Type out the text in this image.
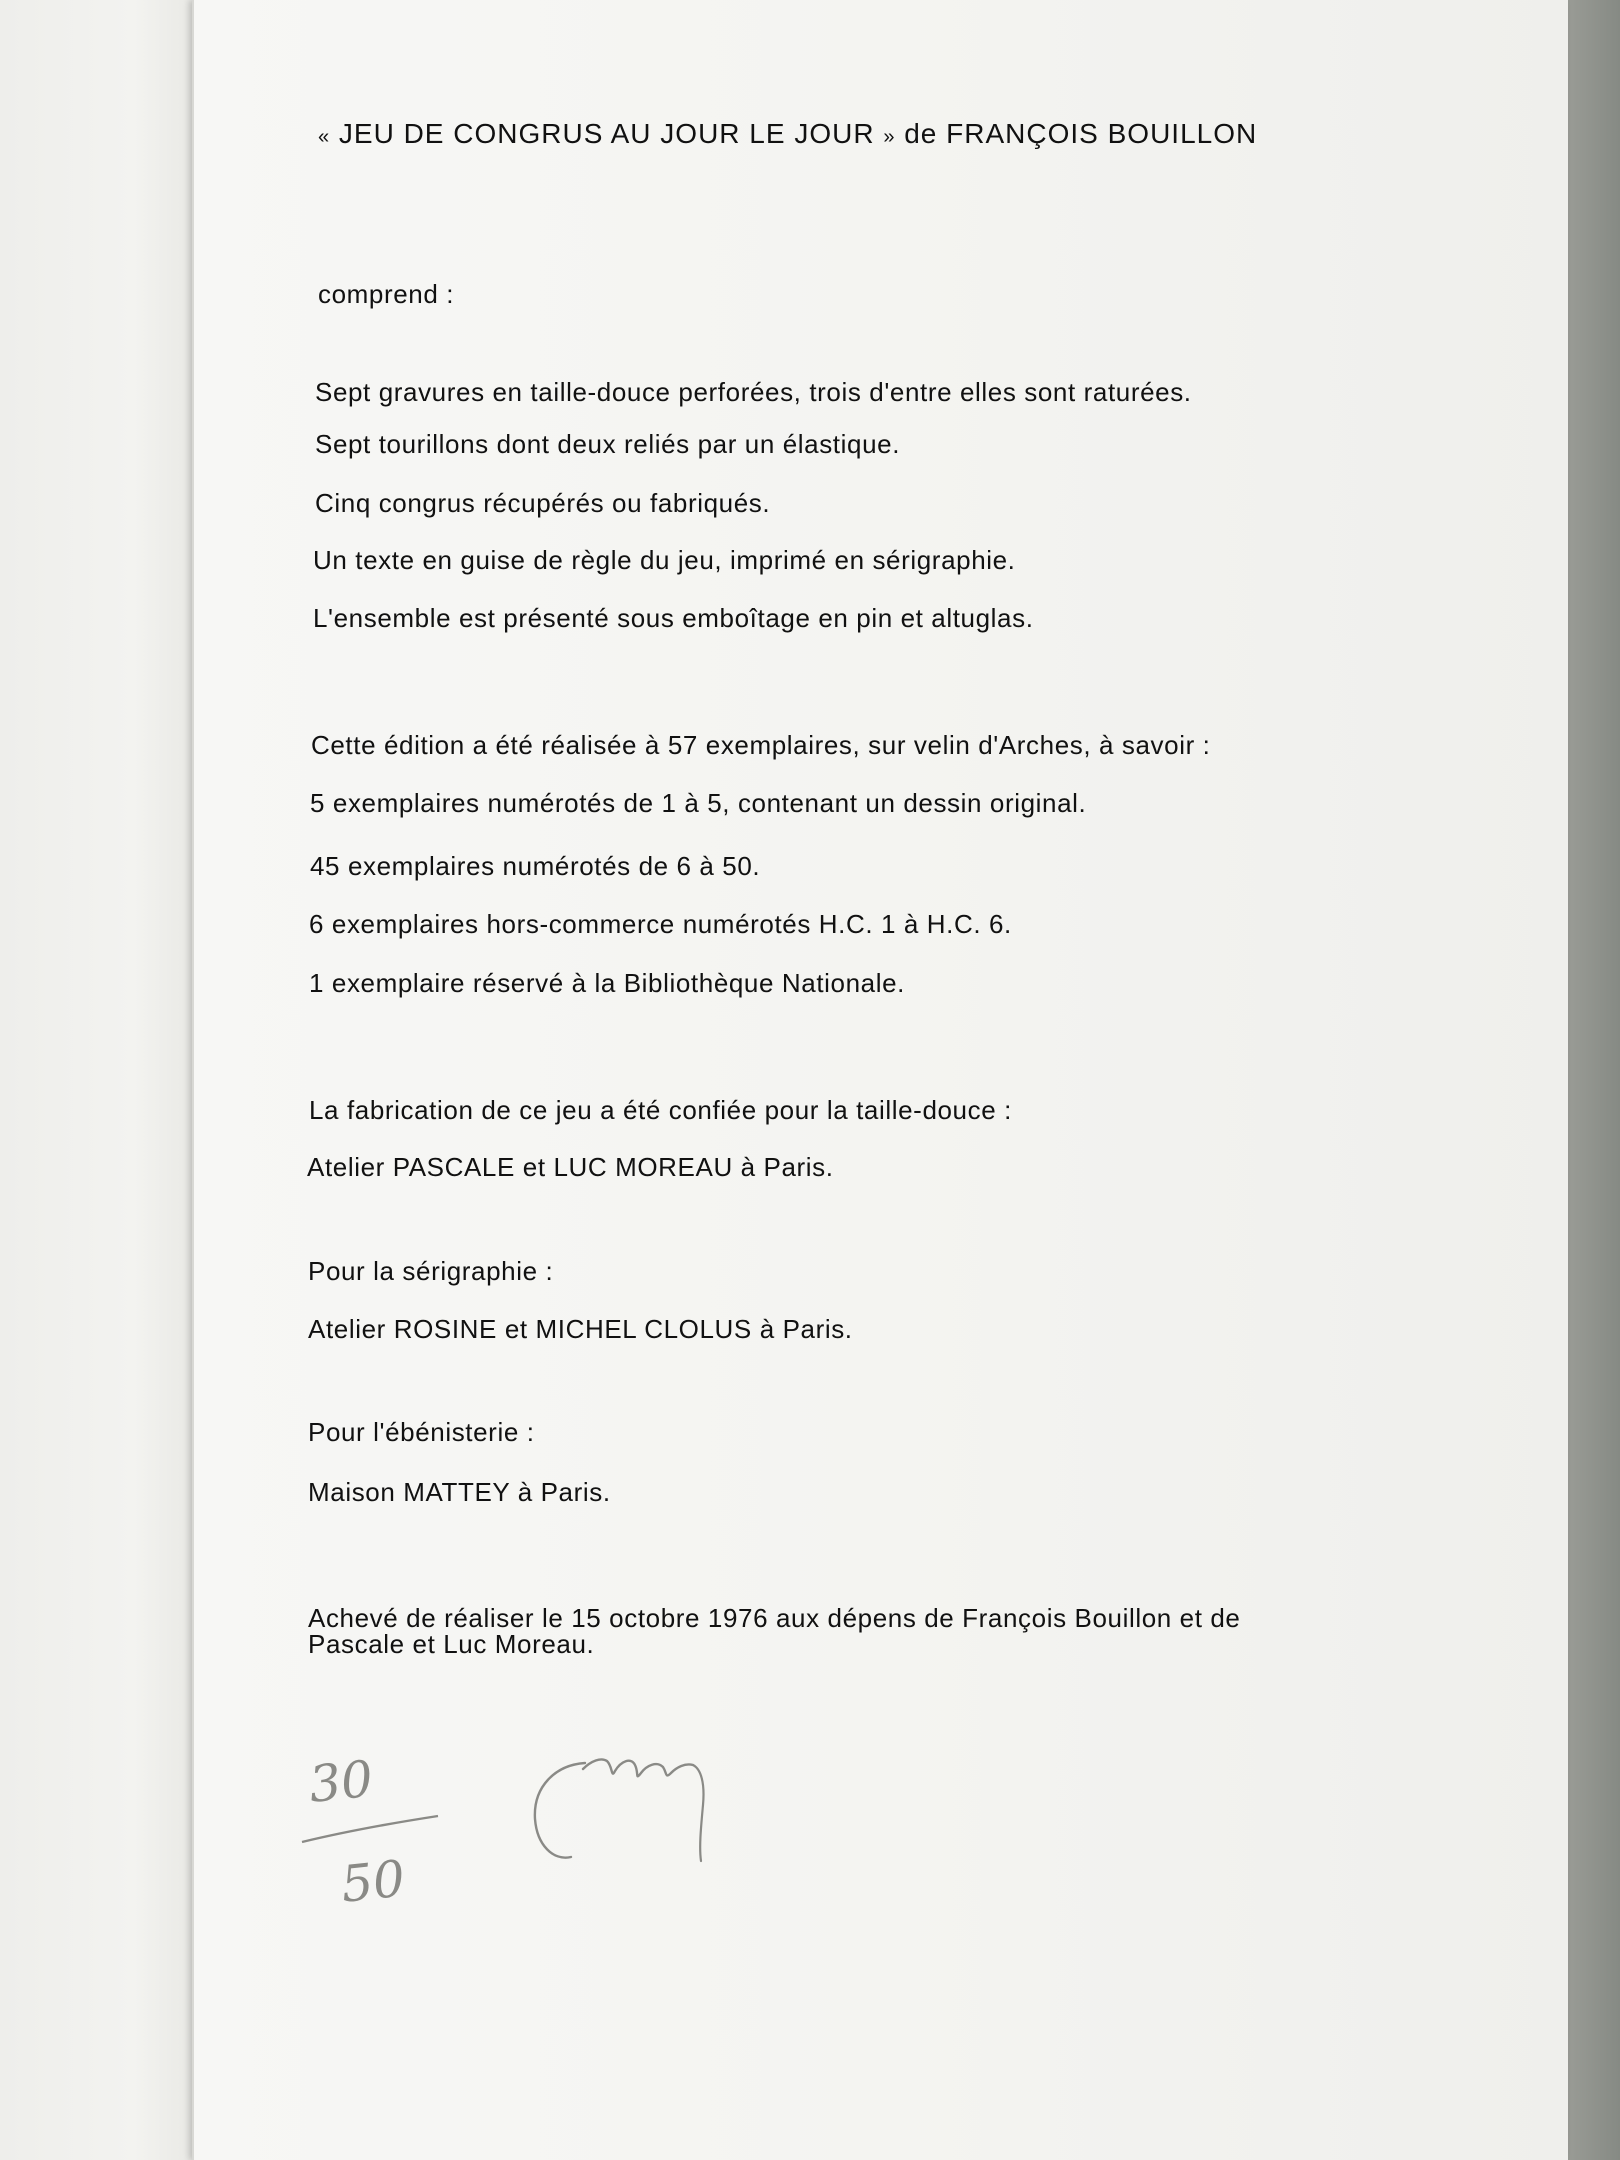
« JEU DE CONGRUS AU JOUR LE JOUR » de FRANÇOIS BOUILLON

comprend :

Sept gravures en taille-douce perforées, trois d'entre elles sont raturées.

Sept tourillons dont deux reliés par un élastique.

Cinq congrus récupérés ou fabriqués.

Un texte en guise de règle du jeu, imprimé en sérigraphie.

L'ensemble est présenté sous emboîtage en pin et altuglas.

Cette édition a été réalisée à 57 exemplaires, sur velin d'Arches, à savoir :

5 exemplaires numérotés de 1 à 5, contenant un dessin original.

45 exemplaires numérotés de 6 à 50.

6 exemplaires hors-commerce numérotés H.C. 1 à H.C. 6.

1 exemplaire réservé à la Bibliothèque Nationale.

La fabrication de ce jeu a été confiée pour la taille-douce :

Atelier PASCALE et LUC MOREAU à Paris.

Pour la sérigraphie :

Atelier ROSINE et MICHEL CLOLUS à Paris.

Pour l'ébénisterie :

Maison MATTEY à Paris.

Achevé de réaliser le 15 octobre 1976 aux dépens de François Bouillon et de Pascale et Luc Moreau.

30
50
